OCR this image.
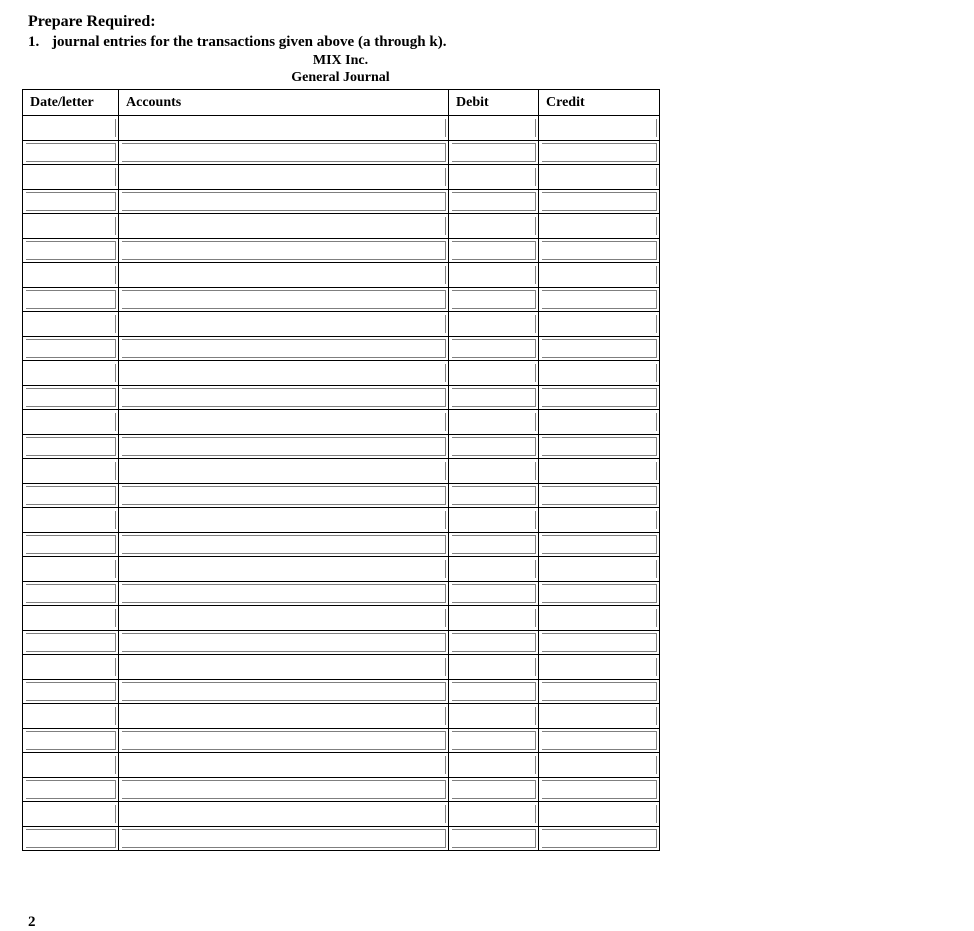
Prepare Required:
1. journal entries for the transactions given above (a through k).
MIX Inc.
General Journal
Date/letter	Accounts	Debit	Credit

2
